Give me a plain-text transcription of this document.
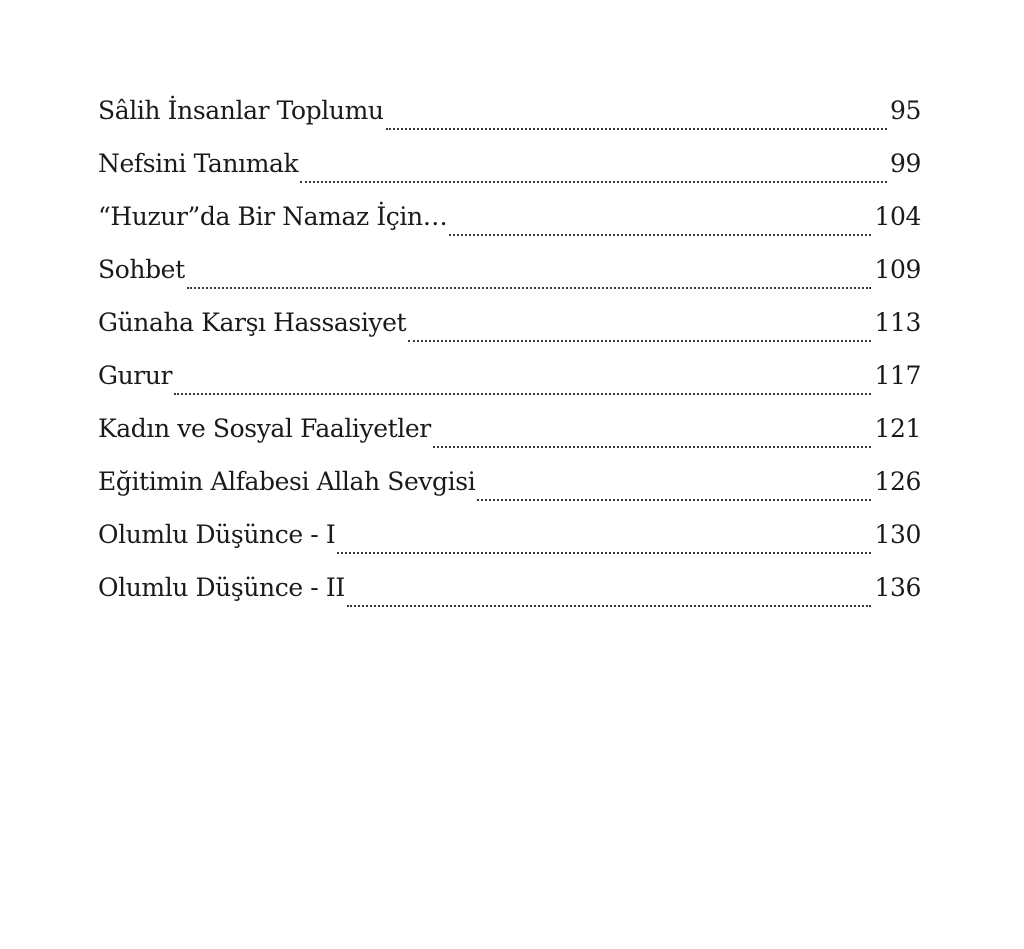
Sâlih İnsanlar Toplumu	95
Nefsini Tanımak	99
“Huzur”da Bir Namaz İçin…	104
Sohbet	109
Günaha Karşı Hassasiyet	113
Gurur	117
Kadın ve Sosyal Faaliyetler	121
Eğitimin Alfabesi Allah Sevgisi	126
Olumlu Düşünce - I	130
Olumlu Düşünce - II	136
